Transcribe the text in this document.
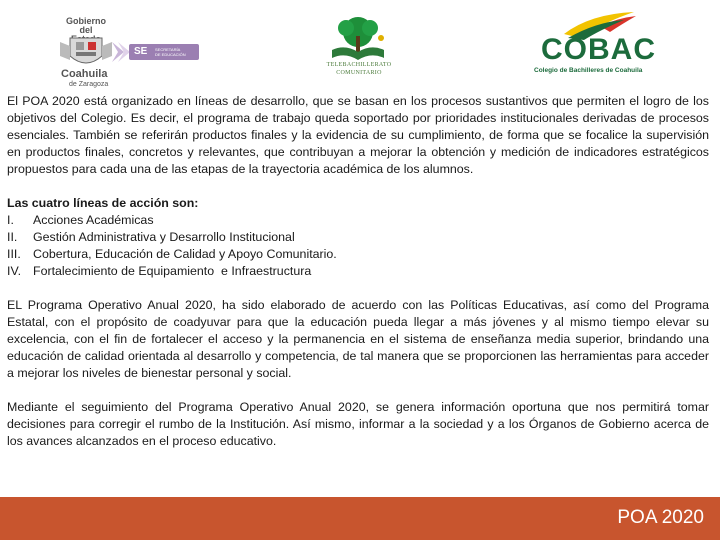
Gobierno
del
Coahuila
de Zaragoza
SE SECRETARÍA
DE EDUCACIÓN
TELEBACHILLERATO
COMUNITARIO
COBAC
Colegio de Bachilleres de Coahuila

El POA 2020 está organizado en líneas de desarrollo, que se basan en los procesos sustantivos que permiten el logro de los objetivos del Colegio. Es decir, el programa de trabajo queda soportado por prioridades institucionales derivadas de procesos esenciales. También se referirán productos finales y la evidencia de su cumplimiento, de forma que se focalice la supervisión en productos finales, concretos y relevantes, que contribuyan a mejorar la obtención y medición de indicadores estratégicos propuestos para cada una de las etapas de la trayectoria académica de los alumnos.

Las cuatro líneas de acción son:

I.	Acciones Académicas
II.	Gestión Administrativa y Desarrollo Institucional
III. Cobertura, Educación de Calidad y Apoyo Comunitario.
IV. Fortalecimiento de Equipamiento  e Infraestructura

EL Programa Operativo Anual 2020, ha sido elaborado de acuerdo con las Políticas Educativas, así como del Programa Estatal, con el propósito de coadyuvar para que la educación pueda llegar a más jóvenes y al mismo tiempo elevar su excelencia, con el fin de fortalecer el acceso y la permanencia en el sistema de enseñanza media superior, brindando una educación de calidad orientada al desarrollo y competencia, de tal manera que se proporcionen las herramientas para acceder a mejorar los niveles de bienestar personal y social.

Mediante el seguimiento del Programa Operativo Anual 2020, se genera información oportuna que nos permitirá tomar decisiones para corregir el rumbo de la Institución. Así mismo, informar a la sociedad y a los Órganos de Gobierno acerca de los avances alcanzados en el proceso educativo.

POA 2020
